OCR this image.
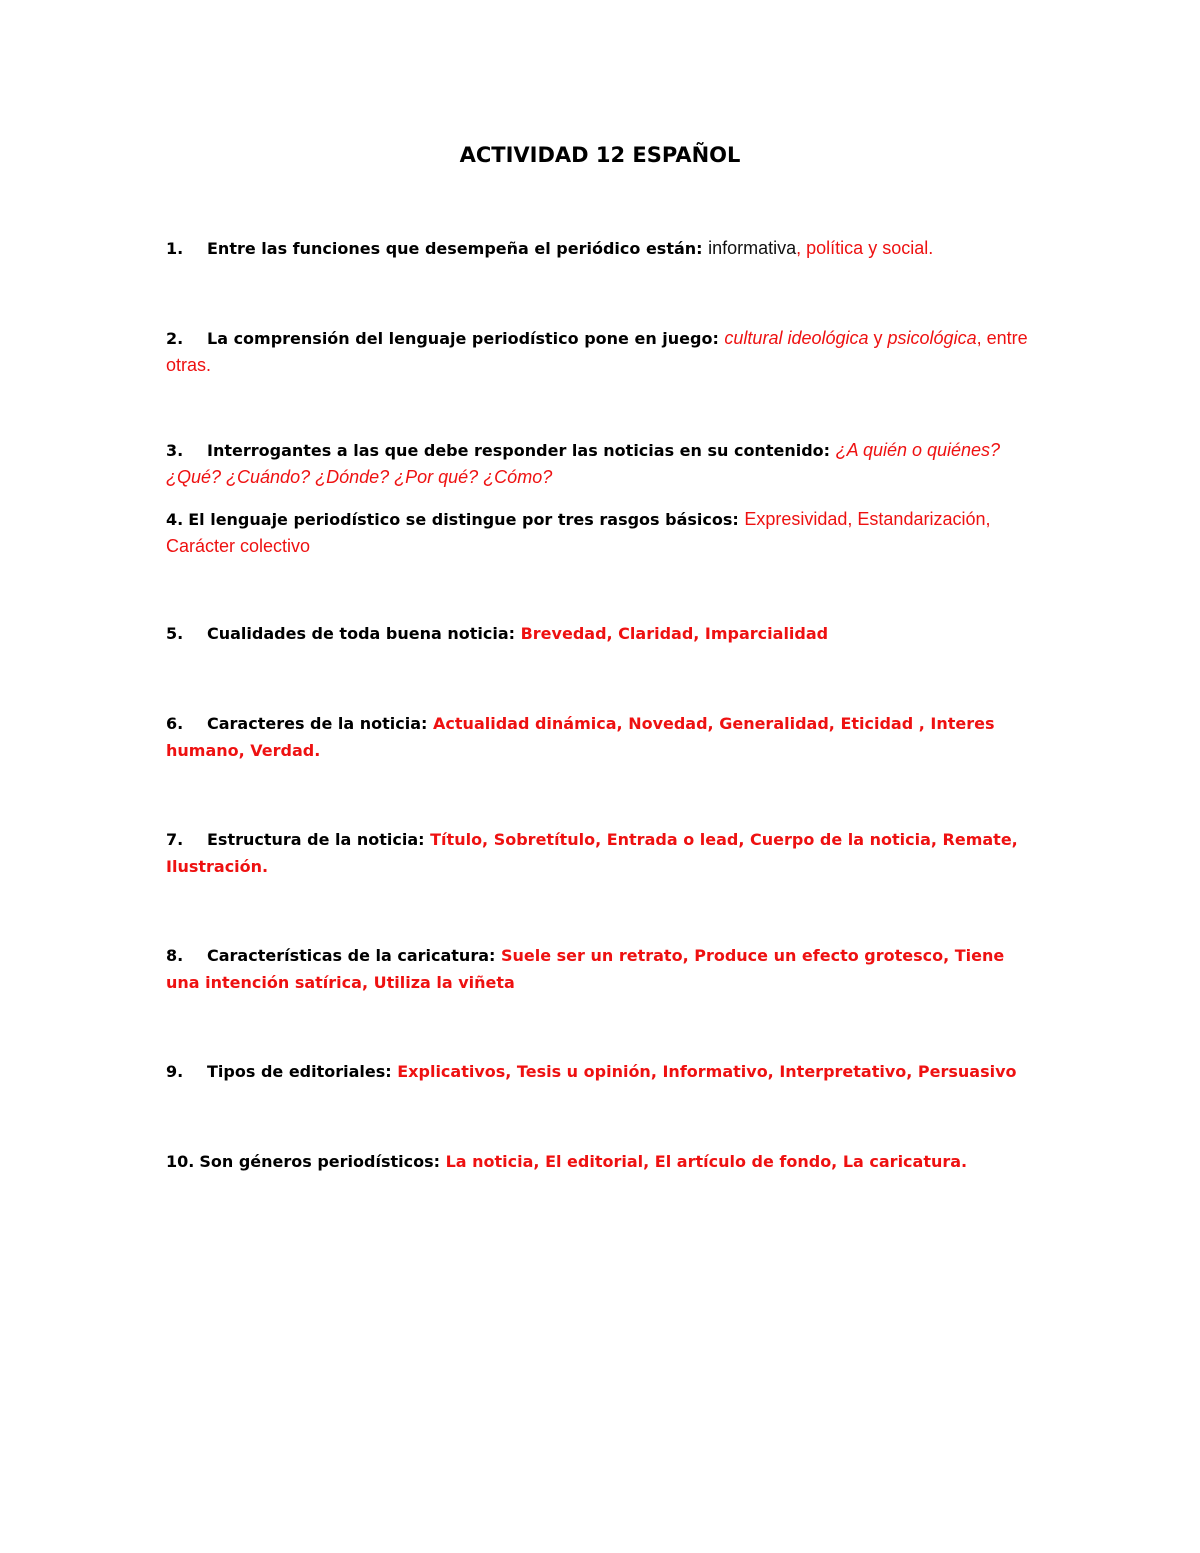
ACTIVIDAD 12 ESPAÑOL
1. Entre las funciones que desempeña el periódico están: informativa, política y social.
2. La comprensión del lenguaje periodístico pone en juego: cultural ideológica y psicológica, entre otras.
3. Interrogantes a las que debe responder las noticias en su contenido: ¿A quién o quiénes? ¿Qué? ¿Cuándo? ¿Dónde? ¿Por qué? ¿Cómo?
4. El lenguaje periodístico se distingue por tres rasgos básicos: Expresividad, Estandarización, Carácter colectivo
5. Cualidades de toda buena noticia: Brevedad, Claridad, Imparcialidad
6. Caracteres de la noticia: Actualidad dinámica, Novedad, Generalidad, Eticidad , Interes humano, Verdad.
7. Estructura de la noticia: Título, Sobretítulo, Entrada o lead, Cuerpo de la noticia, Remate, Ilustración.
8. Características de la caricatura: Suele ser un retrato, Produce un efecto grotesco, Tiene una intención satírica, Utiliza la viñeta
9. Tipos de editoriales: Explicativos, Tesis u opinión, Informativo, Interpretativo, Persuasivo
10. Son géneros periodísticos: La noticia, El editorial, El artículo de fondo, La caricatura.
